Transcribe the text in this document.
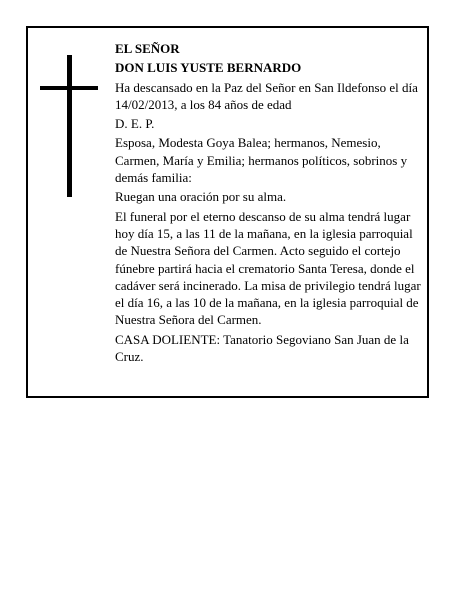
EL SEÑOR

DON LUIS YUSTE BERNARDO

Ha descansado en la Paz del Señor en San Ildefonso el día 14/02/2013, a los 84 años de edad

D. E. P.

Esposa, Modesta Goya Balea; hermanos, Nemesio, Carmen, María y Emilia; hermanos políticos, sobrinos y demás familia:

Ruegan una oración por su alma.

El funeral por el eterno descanso de su alma tendrá lugar hoy día 15, a las 11 de la mañana, en la iglesia parroquial de Nuestra Señora del Carmen. Acto seguido el cortejo fúnebre partirá hacia el crematorio Santa Teresa, donde el cadáver será incinerado. La misa de privilegio tendrá lugar el día 16, a las 10 de la mañana, en la iglesia parroquial de Nuestra Señora del Carmen.

CASA DOLIENTE: Tanatorio Segoviano San Juan de la Cruz.
